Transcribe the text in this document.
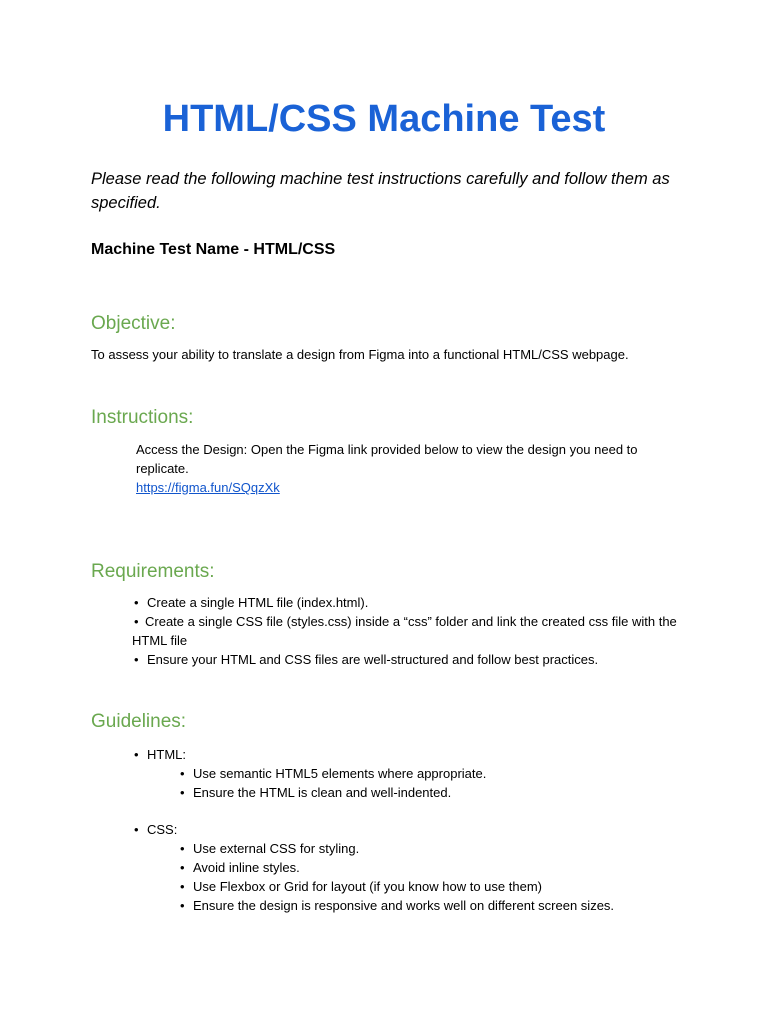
HTML/CSS Machine Test

Please read the following machine test instructions carefully and follow them as specified.

Machine Test Name - HTML/CSS

Objective:

To assess your ability to translate a design from Figma into a functional HTML/CSS webpage.

Instructions:
Access the Design: Open the Figma link provided below to view the design you need to replicate.
https://figma.fun/SQqzXk
Requirements:
• Create a single HTML file (index.html).
• Create a single CSS file (styles.css) inside a “css” folder and link the created css file with the HTML file
• Ensure your HTML and CSS files are well-structured and follow best practices.
Guidelines:
• HTML:
• Use semantic HTML5 elements where appropriate.
• Ensure the HTML is clean and well-indented.
• CSS:
• Use external CSS for styling.
• Avoid inline styles.
• Use Flexbox or Grid for layout (if you know how to use them)
• Ensure the design is responsive and works well on different screen sizes.
